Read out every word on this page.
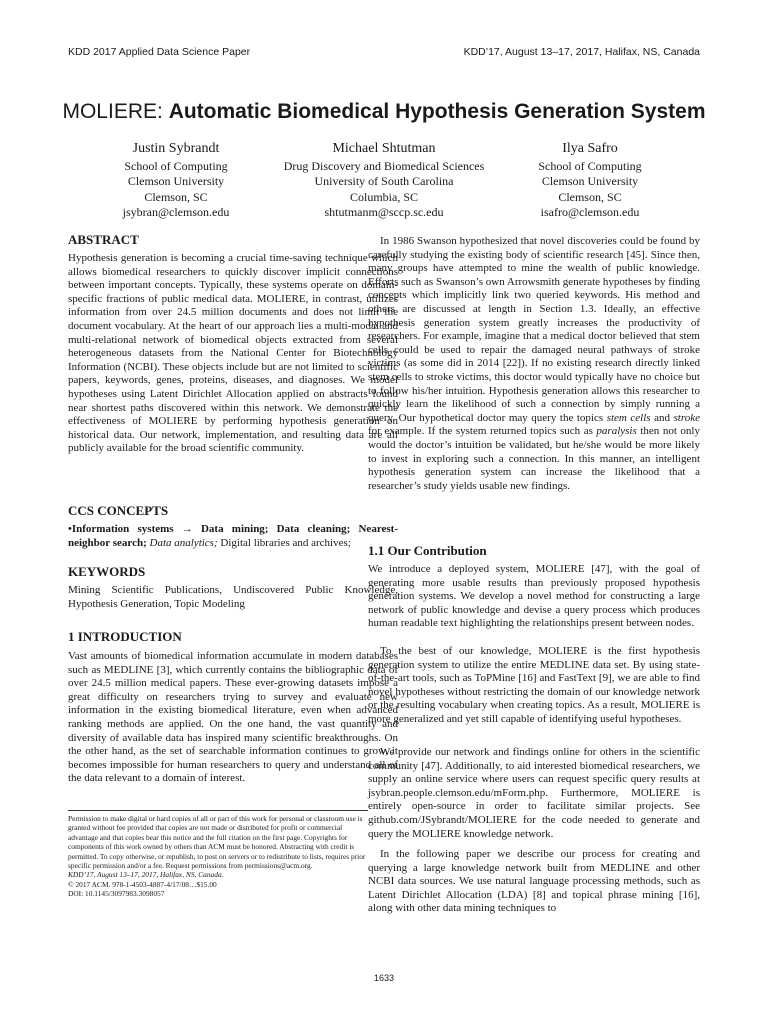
KDD 2017 Applied Data Science Paper	KDD’17, August 13–17, 2017, Halifax, NS, Canada
MOLIERE: Automatic Biomedical Hypothesis Generation System
Justin Sybrandt
School of Computing
Clemson University
Clemson, SC
jsybran@clemson.edu
Michael Shtutman
Drug Discovery and Biomedical Sciences
University of South Carolina
Columbia, SC
shtutmanm@sccp.sc.edu
Ilya Safro
School of Computing
Clemson University
Clemson, SC
isafro@clemson.edu
ABSTRACT
Hypothesis generation is becoming a crucial time-saving technique which allows biomedical researchers to quickly discover implicit connections between important concepts. Typically, these systems operate on domain-specific fractions of public medical data. MOLIERE, in contrast, utilizes information from over 24.5 million documents and does not limit the document vocabulary. At the heart of our approach lies a multi-modal and multi-relational network of biomedical objects extracted from several heterogeneous datasets from the National Center for Biotechnology Information (NCBI). These objects include but are not limited to scientific papers, keywords, genes, proteins, diseases, and diagnoses. We model hypotheses using Latent Dirichlet Allocation applied on abstracts found near shortest paths discovered within this network. We demonstrate the effectiveness of MOLIERE by performing hypothesis generation on historical data. Our network, implementation, and resulting data are all publicly available for the broad scientific community.
CCS CONCEPTS
•Information systems → Data mining; Data cleaning; Nearest-neighbor search; Data analytics; Digital libraries and archives;
KEYWORDS
Mining Scientific Publications, Undiscovered Public Knowledge, Hypothesis Generation, Topic Modeling
1 INTRODUCTION
Vast amounts of biomedical information accumulate in modern databases such as MEDLINE [3], which currently contains the bibliographic data of over 24.5 million medical papers. These ever-growing datasets impose a great difficulty on researchers trying to survey and evaluate new information in the existing biomedical literature, even when advanced ranking methods are applied. On the one hand, the vast quantity and diversity of available data has inspired many scientific breakthroughs. On the other hand, as the set of searchable information continues to grow, it becomes impossible for human researchers to query and understand all of the data relevant to a domain of interest.
Permission to make digital or hard copies of all or part of this work for personal or classroom use is granted without fee provided that copies are not made or distributed for profit or commercial advantage and that copies bear this notice and the full citation on the first page. Copyrights for components of this work owned by others than ACM must be honored. Abstracting with credit is permitted. To copy otherwise, or republish, to post on servers or to redistribute to lists, requires prior specific permission and/or a fee. Request permissions from permissions@acm.org.
KDD’17, August 13–17, 2017, Halifax, NS, Canada.
© 2017 ACM. 978-1-4503-4887-4/17/08…$15.00
DOI: 10.1145/3097983.3098057
In 1986 Swanson hypothesized that novel discoveries could be found by carefully studying the existing body of scientific research [45]. Since then, many groups have attempted to mine the wealth of public knowledge. Efforts such as Swanson’s own Arrowsmith generate hypotheses by finding concepts which implicitly link two queried keywords. His method and others are discussed at length in Section 1.3. Ideally, an effective hypothesis generation system greatly increases the productivity of researchers. For example, imagine that a medical doctor believed that stem cells could be used to repair the damaged neural pathways of stroke victims (as some did in 2014 [22]). If no existing research directly linked stem cells to stroke victims, this doctor would typically have no choice but to follow his/her intuition. Hypothesis generation allows this researcher to quickly learn the likelihood of such a connection by simply running a query. Our hypothetical doctor may query the topics stem cells and stroke for example. If the system returned topics such as paralysis then not only would the doctor’s intuition be validated, but he/she would be more likely to invest in exploring such a connection. In this manner, an intelligent hypothesis generation system can increase the likelihood that a researcher’s study yields usable new findings.
1.1 Our Contribution
We introduce a deployed system, MOLIERE [47], with the goal of generating more usable results than previously proposed hypothesis generation systems. We develop a novel method for constructing a large network of public knowledge and devise a query process which produces human readable text highlighting the relationships present between nodes.
To the best of our knowledge, MOLIERE is the first hypothesis generation system to utilize the entire MEDLINE data set. By using state-of-the-art tools, such as ToPMine [16] and FastText [9], we are able to find novel hypotheses without restricting the domain of our knowledge network or the resulting vocabulary when creating topics. As a result, MOLIERE is more generalized and yet still capable of identifying useful hypotheses.
We provide our network and findings online for others in the scientific community [47]. Additionally, to aid interested biomedical researchers, we supply an online service where users can request specific query results at jsybran.people.clemson.edu/mForm.php. Furthermore, MOLIERE is entirely open-source in order to facilitate similar projects. See github.com/JSybrandt/MOLIERE for the code needed to generate and query the MOLIERE knowledge network.
In the following paper we describe our process for creating and querying a large knowledge network built from MEDLINE and other NCBI data sources. We use natural language processing methods, such as Latent Dirichlet Allocation (LDA) [8] and topical phrase mining [16], along with other data mining techniques to
1633
